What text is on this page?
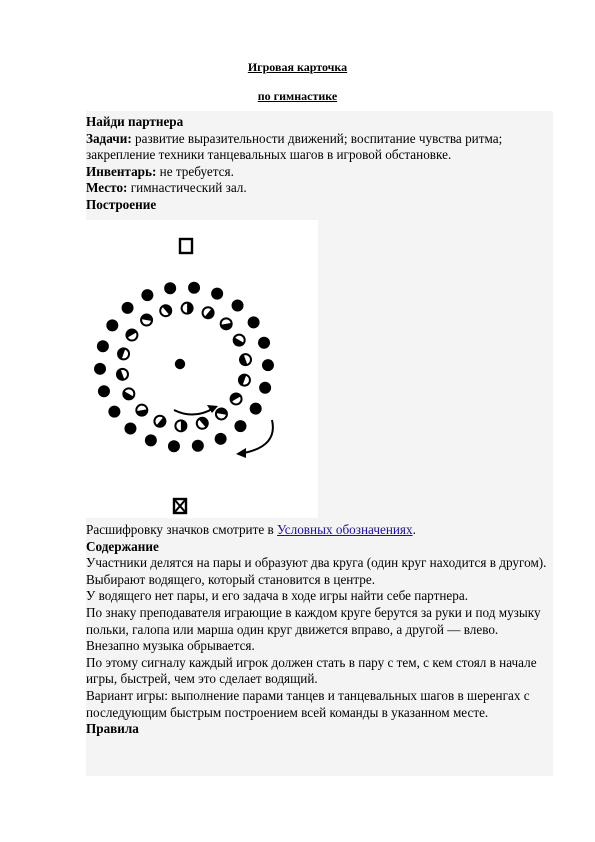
Игровая карточка
по гимнастике

Найди партнера

Задачи: развитие выразительности движений; воспитание чувства ритма; закрепление техники танцевальных шагов в игровой обстановке.

Инвентарь: не требуется.

Место: гимнастический зал.

Построение

Расшифровку значков смотрите в Условных обозначениях.

Содержание

Участники делятся на пары и образуют два круга (один круг находится в другом).

Выбирают водящего, который становится в центре.

У водящего нет пары, и его задача в ходе игры найти себе партнера.

По знаку преподавателя играющие в каждом круге берутся за руки и под музыку польки, галопа или марша один круг движется вправо, а другой — влево.

Внезапно музыка обрывается.

По этому сигналу каждый игрок должен стать в пару с тем, с кем стоял в начале игры, быстрей, чем это сделает водящий.

Вариант игры: выполнение парами танцев и танцевальных шагов в шеренгах с последующим быстрым построением всей команды в указанном месте.

Правила
